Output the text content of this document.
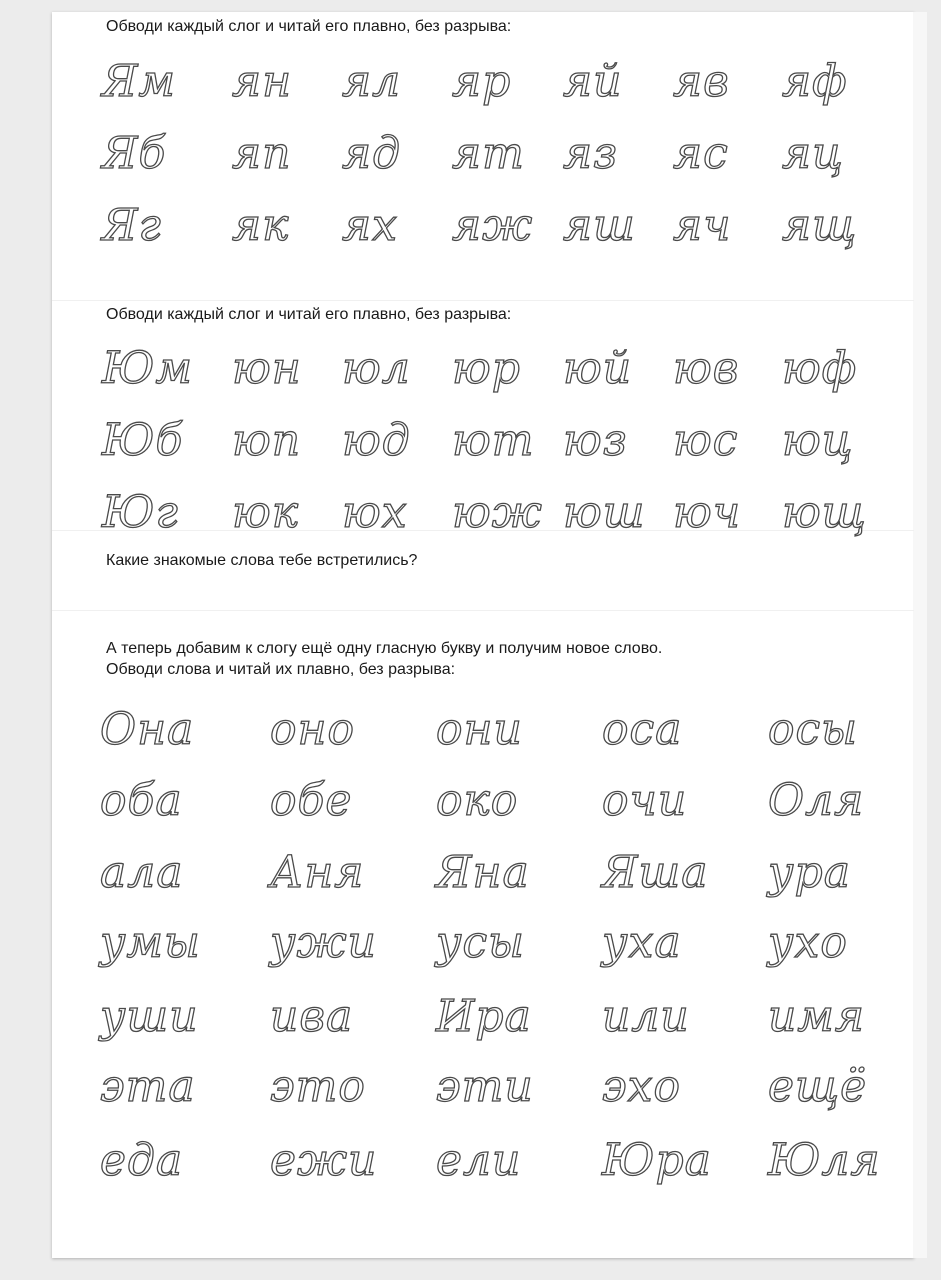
Обводи каждый слог и читай его плавно, без разрыва:

Ям ян ял яр яй яв яф
Яб яп яд ят яз яс яц
Яг як ях яж яш яч ящ

Обводи каждый слог и читай его плавно, без разрыва:

Юм юн юл юр юй юв юф
Юб юп юд ют юз юс юц
Юг юк юх юж юш юч ющ

Какие знакомые слова тебе встретились?

А теперь добавим к слогу ещё одну гласную букву и получим новое слово.

Обводи слова и читай их плавно, без разрыва:

Она оно они оса осы
оба обе око очи Оля
ала Аня Яна Яша ура
умы ужи усы уха ухо
уши ива Ира или имя
эта это эти эхо ещё
еда ежи ели Юра Юля
